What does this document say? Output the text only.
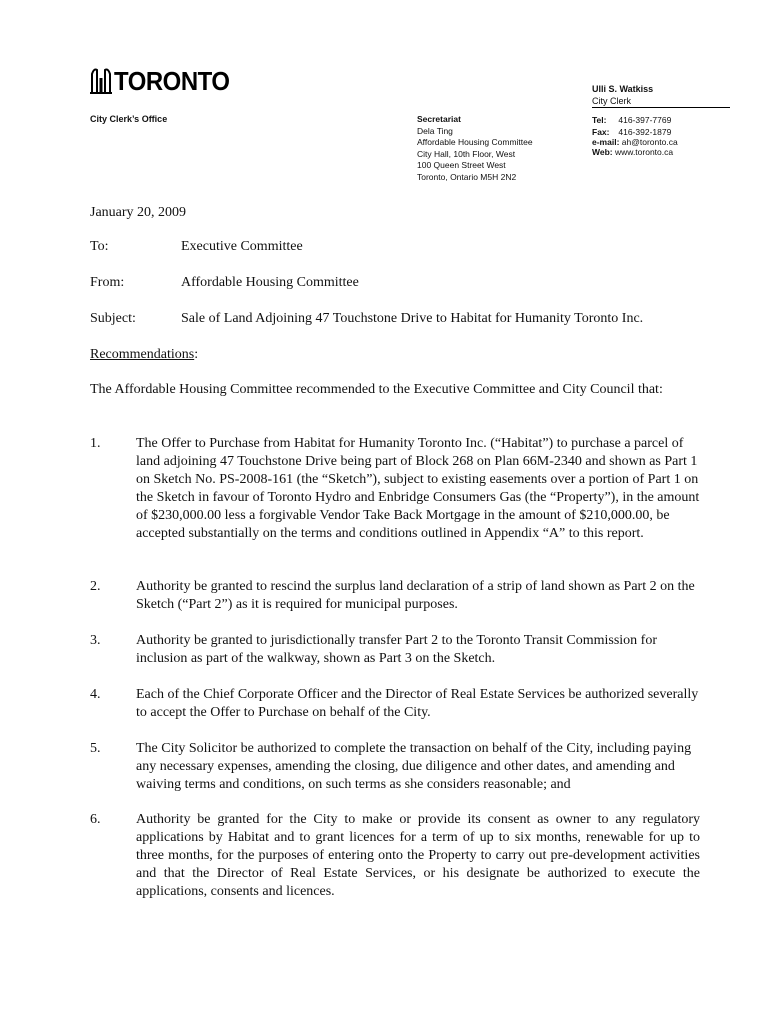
TORONTO	Ulli S. Watkiss
City Clerk
City Clerk’s Office	Secretariat
Dela Ting
Affordable Housing Committee
City Hall, 10th Floor, West
100 Queen Street West
Toronto, Ontario M5H 2N2
Tel: 416-397-7769
Fax: 416-392-1879
e-mail: ah@toronto.ca
Web: www.toronto.ca
January 20, 2009
To:	Executive Committee
From:	Affordable Housing Committee
Subject:	Sale of Land Adjoining 47 Touchstone Drive to Habitat for Humanity Toronto Inc.
Recommendations:
The Affordable Housing Committee recommended to the Executive Committee and City Council that:
1.	The Offer to Purchase from Habitat for Humanity Toronto Inc. (“Habitat”) to purchase a parcel of land adjoining 47 Touchstone Drive being part of Block 268 on Plan 66M-2340 and shown as Part 1 on Sketch No. PS-2008-161 (the “Sketch”), subject to existing easements over a portion of Part 1 on the Sketch in favour of Toronto Hydro and Enbridge Consumers Gas (the “Property”), in the amount of $230,000.00 less a forgivable Vendor Take Back Mortgage in the amount of $210,000.00, be accepted substantially on the terms and conditions outlined in Appendix “A” to this report.
2.	Authority be granted to rescind the surplus land declaration of a strip of land shown as Part 2 on the Sketch (“Part 2”) as it is required for municipal purposes.
3.	Authority be granted to jurisdictionally transfer Part 2 to the Toronto Transit Commission for inclusion as part of the walkway, shown as Part 3 on the Sketch.
4.	Each of the Chief Corporate Officer and the Director of Real Estate Services be authorized severally to accept the Offer to Purchase on behalf of the City.
5.	The City Solicitor be authorized to complete the transaction on behalf of the City, including paying any necessary expenses, amending the closing, due diligence and other dates, and amending and waiving terms and conditions, on such terms as she considers reasonable; and
6.	Authority be granted for the City to make or provide its consent as owner to any regulatory applications by Habitat and to grant licences for a term of up to six months, renewable for up to three months, for the purposes of entering onto the Property to carry out pre-development activities and that the Director of Real Estate Services, or his designate be authorized to execute the applications, consents and licences.
